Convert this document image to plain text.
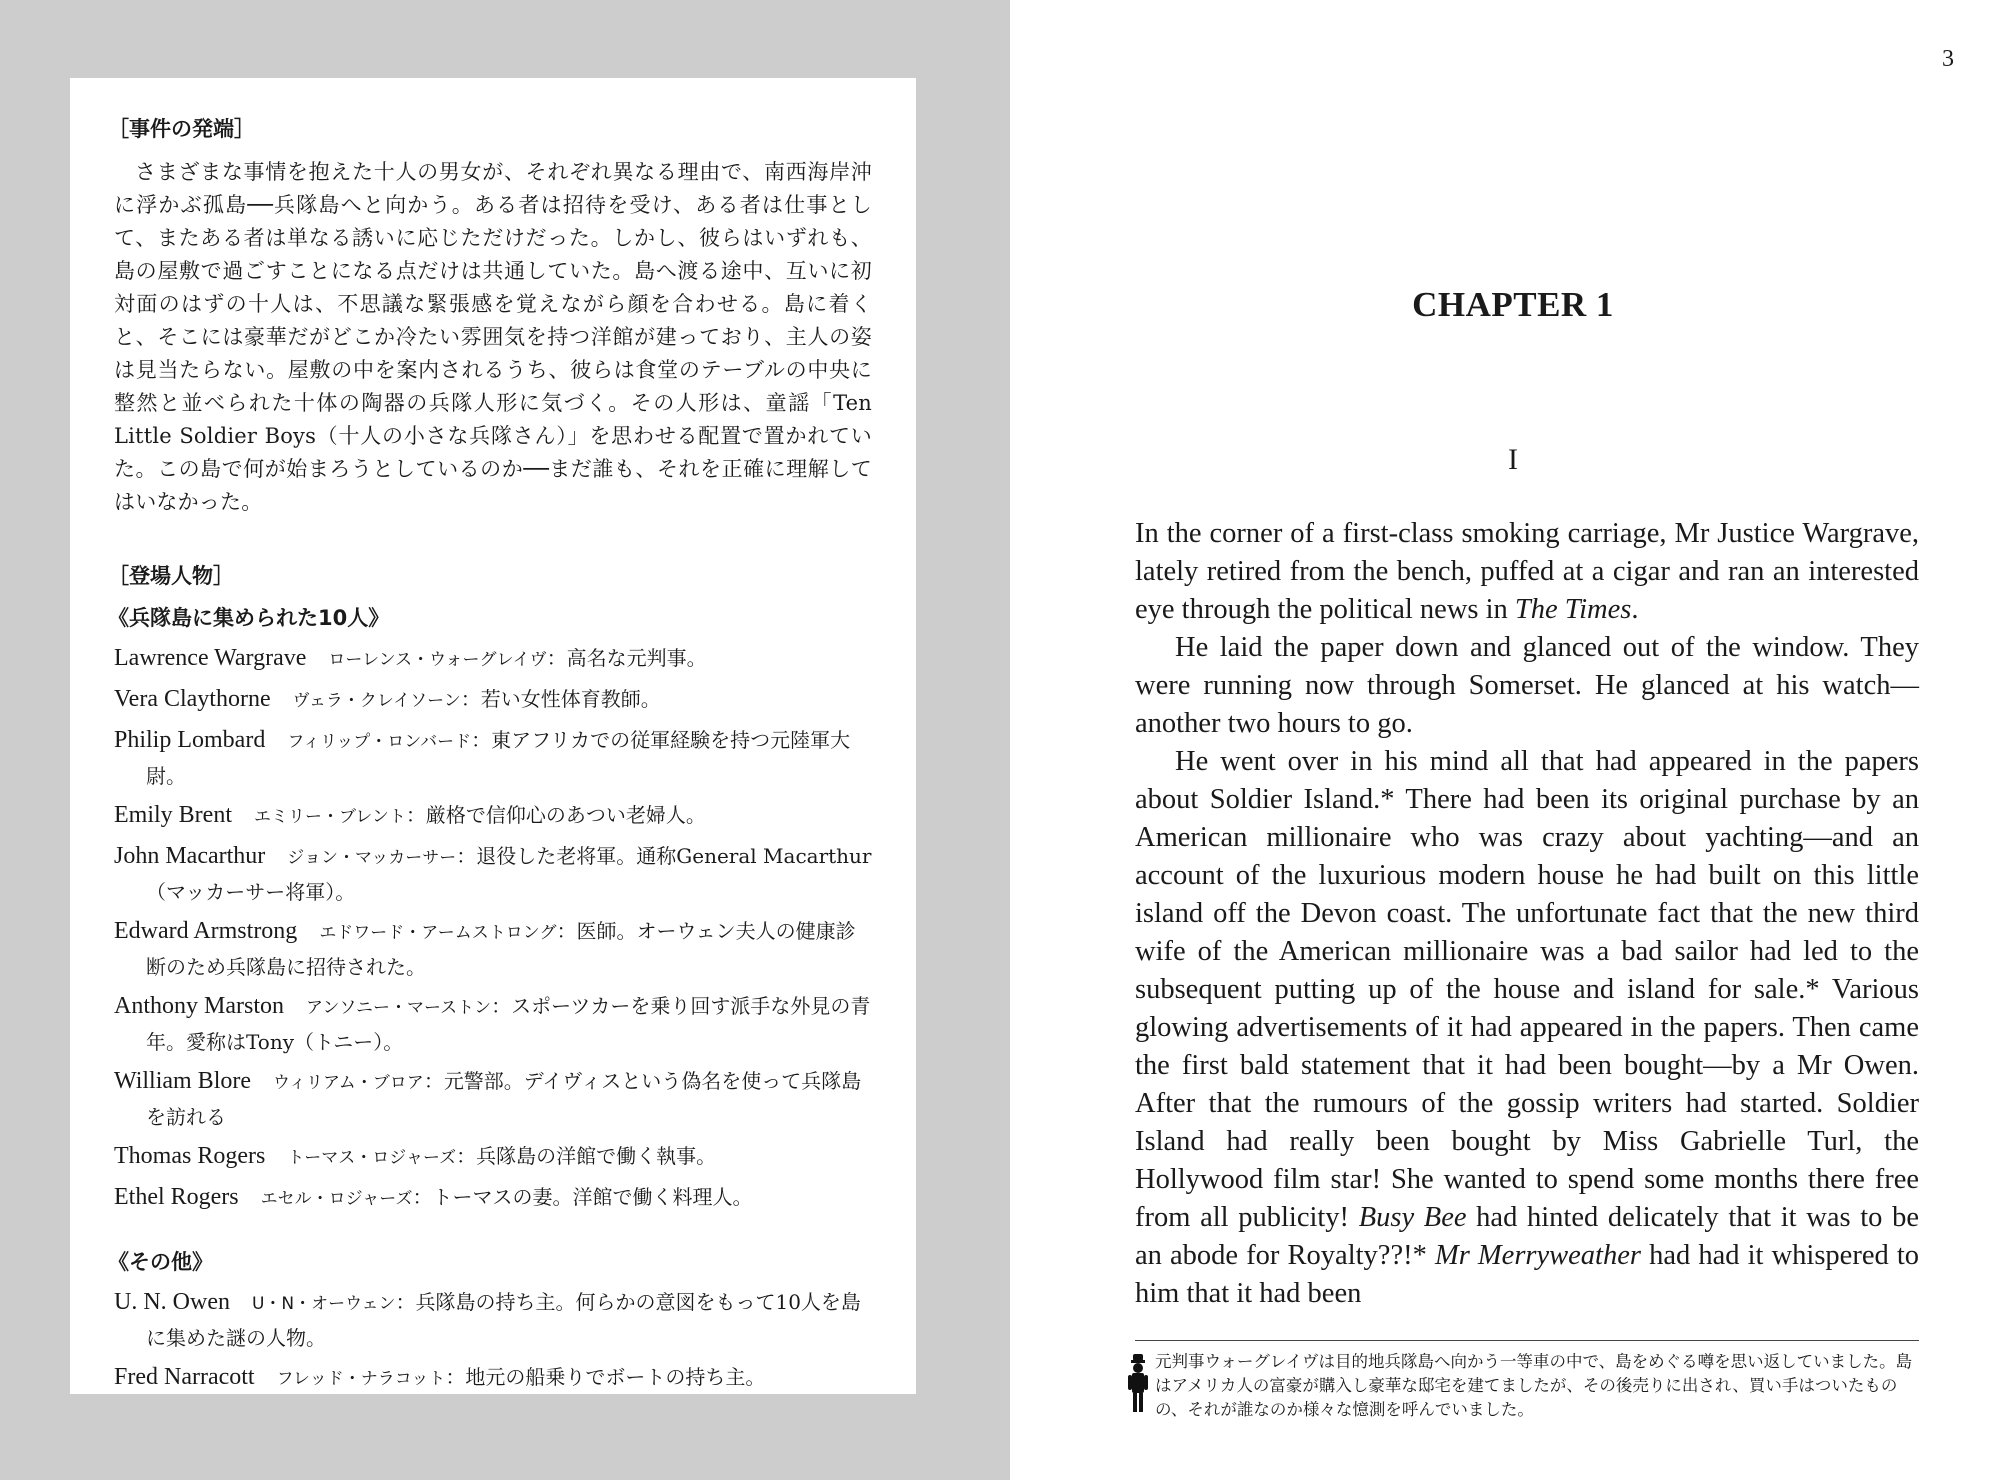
［事件の発端］

さまざまな事情を抱えた十人の男女が、それぞれ異なる理由で、南西海岸沖に浮かぶ孤島──兵隊島へと向かう。ある者は招待を受け、ある者は仕事として、またある者は単なる誘いに応じただけだった。しかし、彼らはいずれも、島の屋敷で過ごすことになる点だけは共通していた。島へ渡る途中、互いに初対面のはずの十人は、不思議な緊張感を覚えながら顔を合わせる。島に着くと、そこには豪華だがどこか冷たい雰囲気を持つ洋館が建っており、主人の姿は見当たらない。屋敷の中を案内されるうち、彼らは食堂のテーブルの中央に整然と並べられた十体の陶器の兵隊人形に気づく。その人形は、童謡「Ten Little Soldier Boys（十人の小さな兵隊さん）」を思わせる配置で置かれていた。この島で何が始まろうとしているのか──まだ誰も、それを正確に理解してはいなかった。

［登場人物］
《兵隊島に集められた10人》
Lawrence Wargrave ローレンス・ウォーグレイヴ：高名な元判事。
Vera Claythorne ヴェラ・クレイソーン：若い女性体育教師。
Philip Lombard フィリップ・ロンバード：東アフリカでの従軍経験を持つ元陸軍大尉。
Emily Brent エミリー・ブレント：厳格で信仰心のあつい老婦人。
John Macarthur ジョン・マッカーサー：退役した老将軍。通称General Macarthur（マッカーサー将軍）。
Edward Armstrong エドワード・アームストロング：医師。オーウェン夫人の健康診断のため兵隊島に招待された。
Anthony Marston アンソニー・マーストン：スポーツカーを乗り回す派手な外見の青年。愛称はTony（トニー）。
William Blore ウィリアム・ブロア：元警部。デイヴィスという偽名を使って兵隊島を訪れる
Thomas Rogers トーマス・ロジャーズ：兵隊島の洋館で働く執事。
Ethel Rogers エセル・ロジャーズ：トーマスの妻。洋館で働く料理人。
《その他》
U. N. Owen U・N・オーウェン：兵隊島の持ち主。何らかの意図をもって10人を島に集めた謎の人物。
Fred Narracott フレッド・ナラコット：地元の船乗りでボートの持ち主。
3
CHAPTER 1
I

In the corner of a first-class smoking carriage, Mr Justice Wargrave, lately retired from the bench, puffed at a cigar and ran an interested eye through the political news in The Times.

He laid the paper down and glanced out of the window. They were running now through Somerset. He glanced at his watch—another two hours to go.

He went over in his mind all that had appeared in the papers about Soldier Island.* There had been its original purchase by an American millionaire who was crazy about yachting—and an account of the luxurious modern house he had built on this little island off the Devon coast. The unfortunate fact that the new third wife of the American millionaire was a bad sailor had led to the subsequent putting up of the house and island for sale.* Various glowing advertisements of it had appeared in the papers. Then came the first bald statement that it had been bought—by a Mr Owen. After that the rumours of the gossip writers had started. Soldier Island had really been bought by Miss Gabrielle Turl, the Hollywood film star! She wanted to spend some months there free from all publicity! Busy Bee had hinted delicately that it was to be an abode for Royalty??!* Mr Merryweather had had it whispered to him that it had been

元判事ウォーグレイヴは目的地兵隊島へ向かう一等車の中で、島をめぐる噂を思い返していました。島はアメリカ人の富豪が購入し豪華な邸宅を建てましたが、その後売りに出され、買い手はついたものの、それが誰なのか様々な憶測を呼んでいました。
